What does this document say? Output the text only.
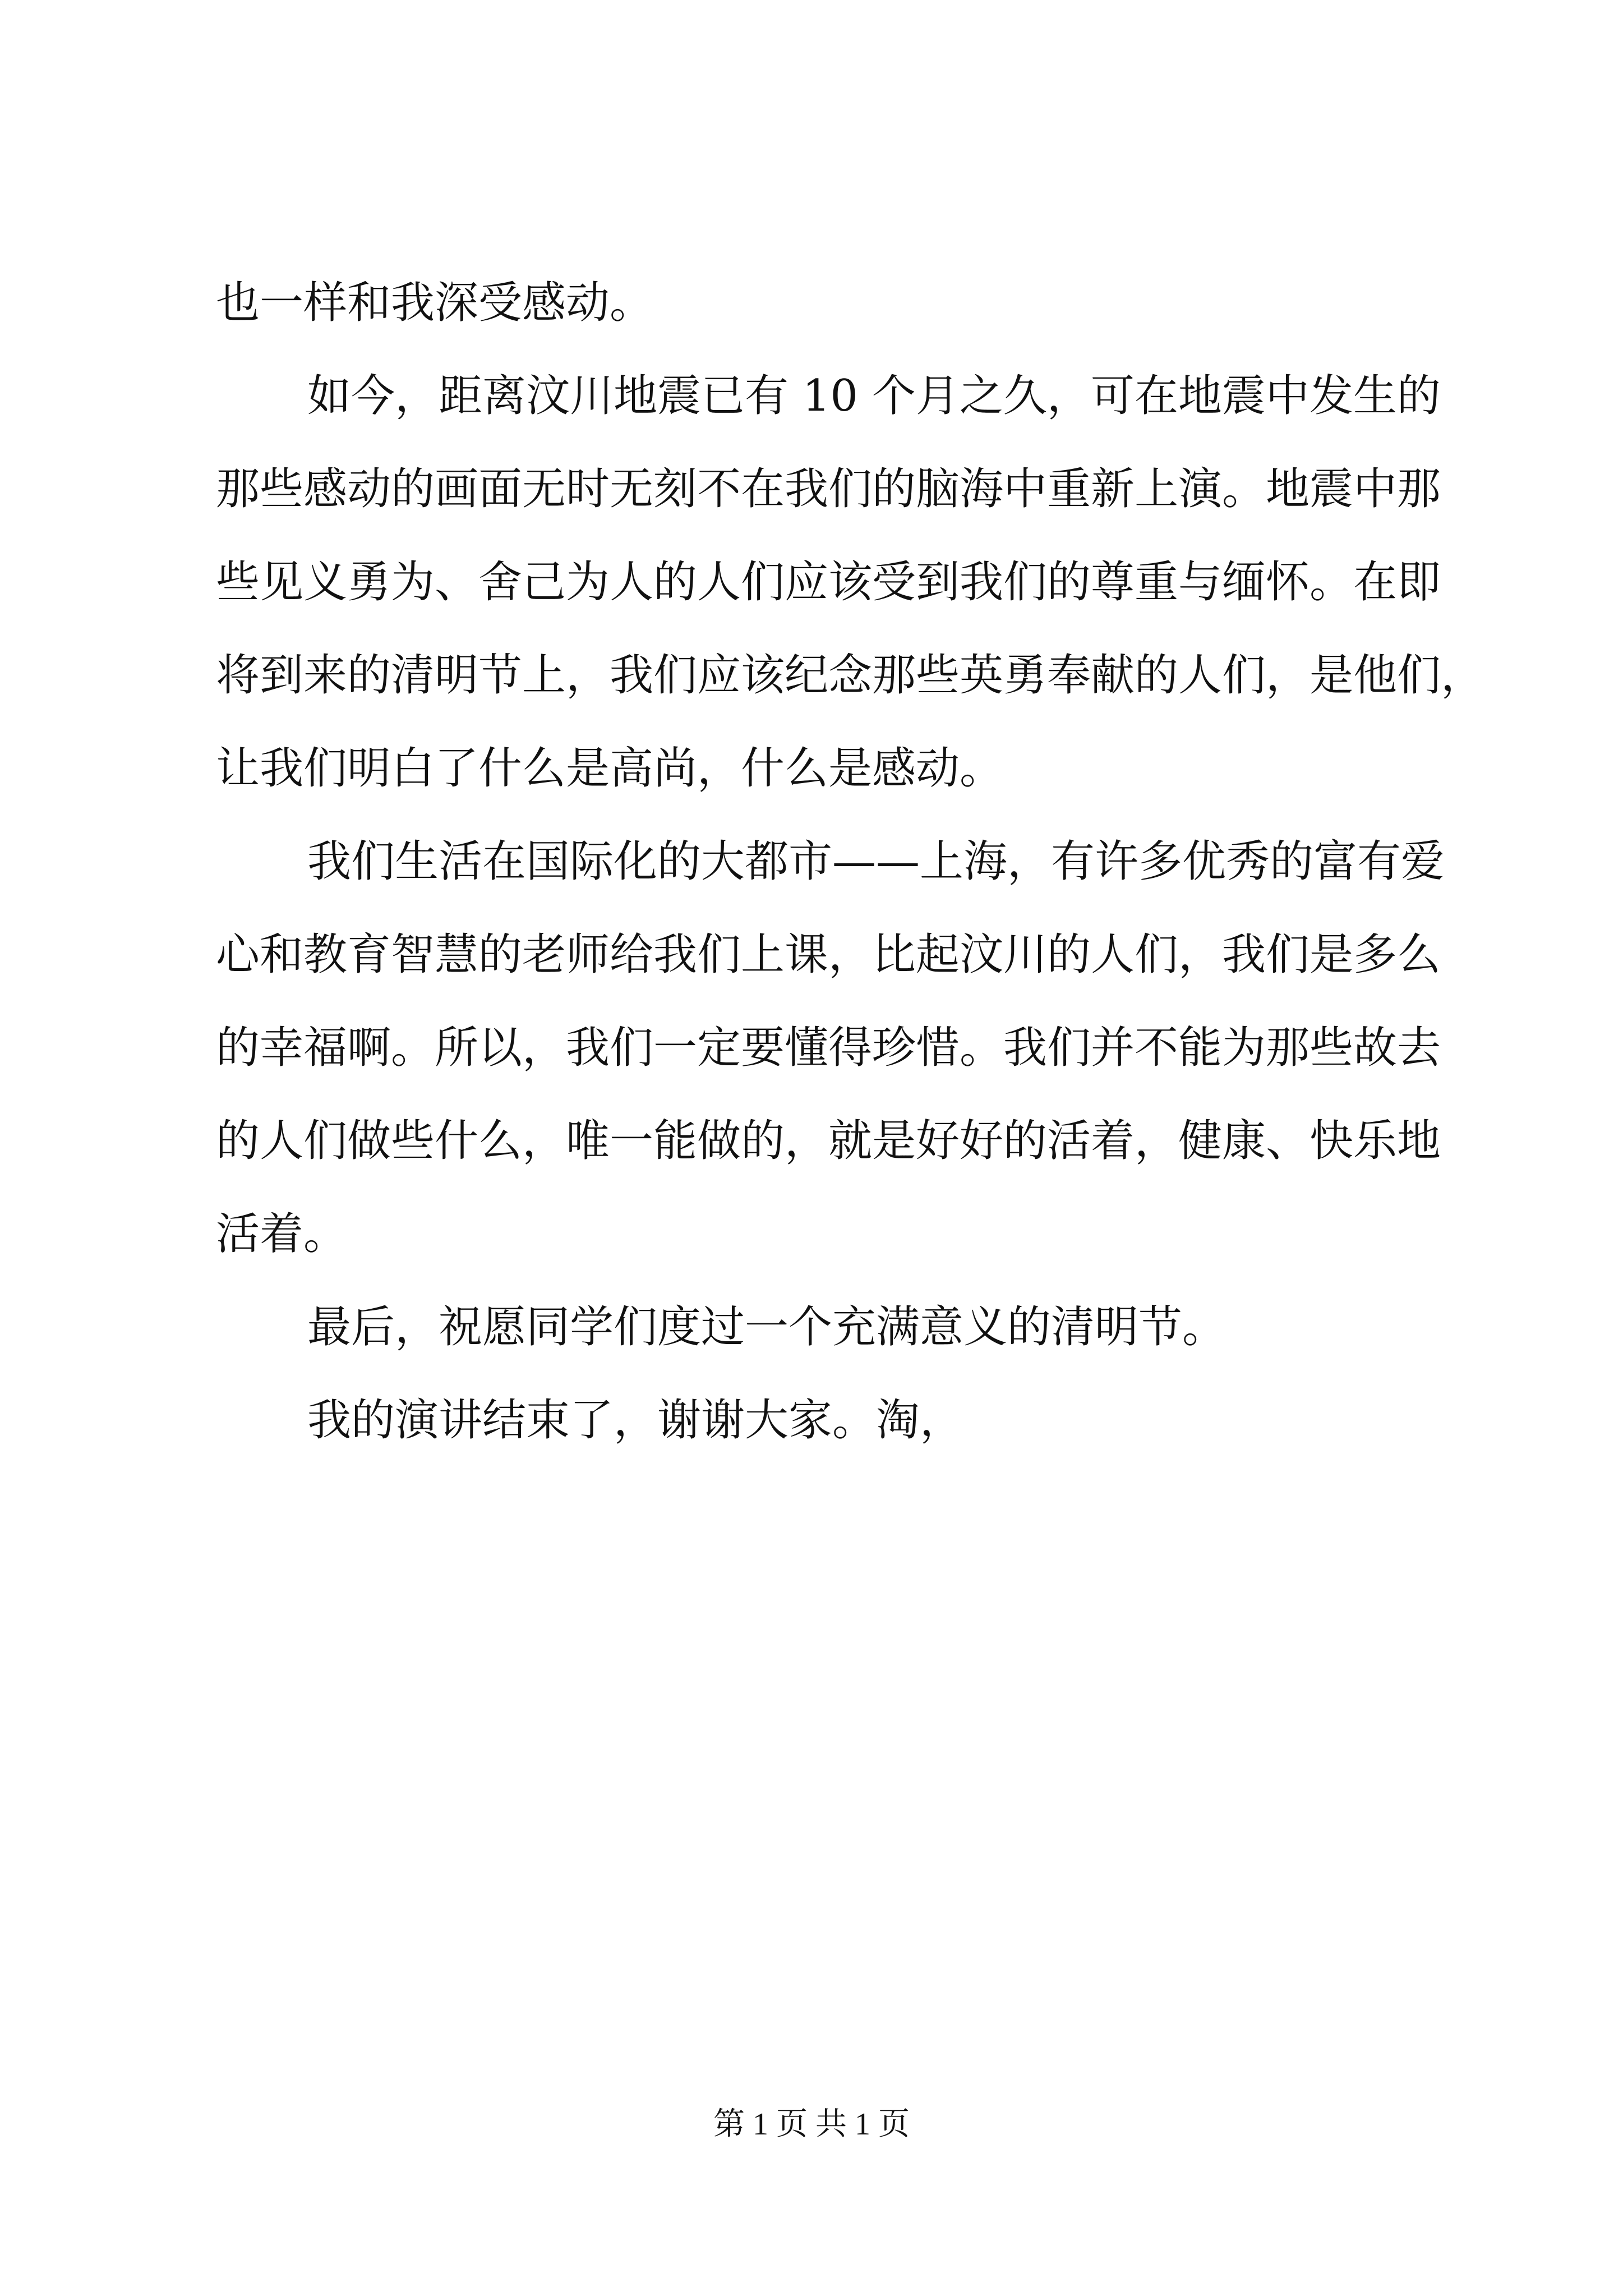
也一样和我深受感动。
如今，距离汶川地震已有 10 个月之久，可在地震中发生的
那些感动的画面无时无刻不在我们的脑海中重新上演。地震中那
些见义勇为、舍己为人的人们应该受到我们的尊重与缅怀。在即
将到来的清明节上，我们应该纪念那些英勇奉献的人们，是他们，
让我们明白了什么是高尚，什么是感动。
我们生活在国际化的大都市——上海，有许多优秀的富有爱
心和教育智慧的老师给我们上课，比起汶川的人们，我们是多么
的幸福啊。所以，我们一定要懂得珍惜。我们并不能为那些故去
的人们做些什么，唯一能做的，就是好好的活着，健康、快乐地
活着。
最后，祝愿同学们度过一个充满意义的清明节。
我的演讲结束了，谢谢大家。淘，
第 1 页 共 1 页
